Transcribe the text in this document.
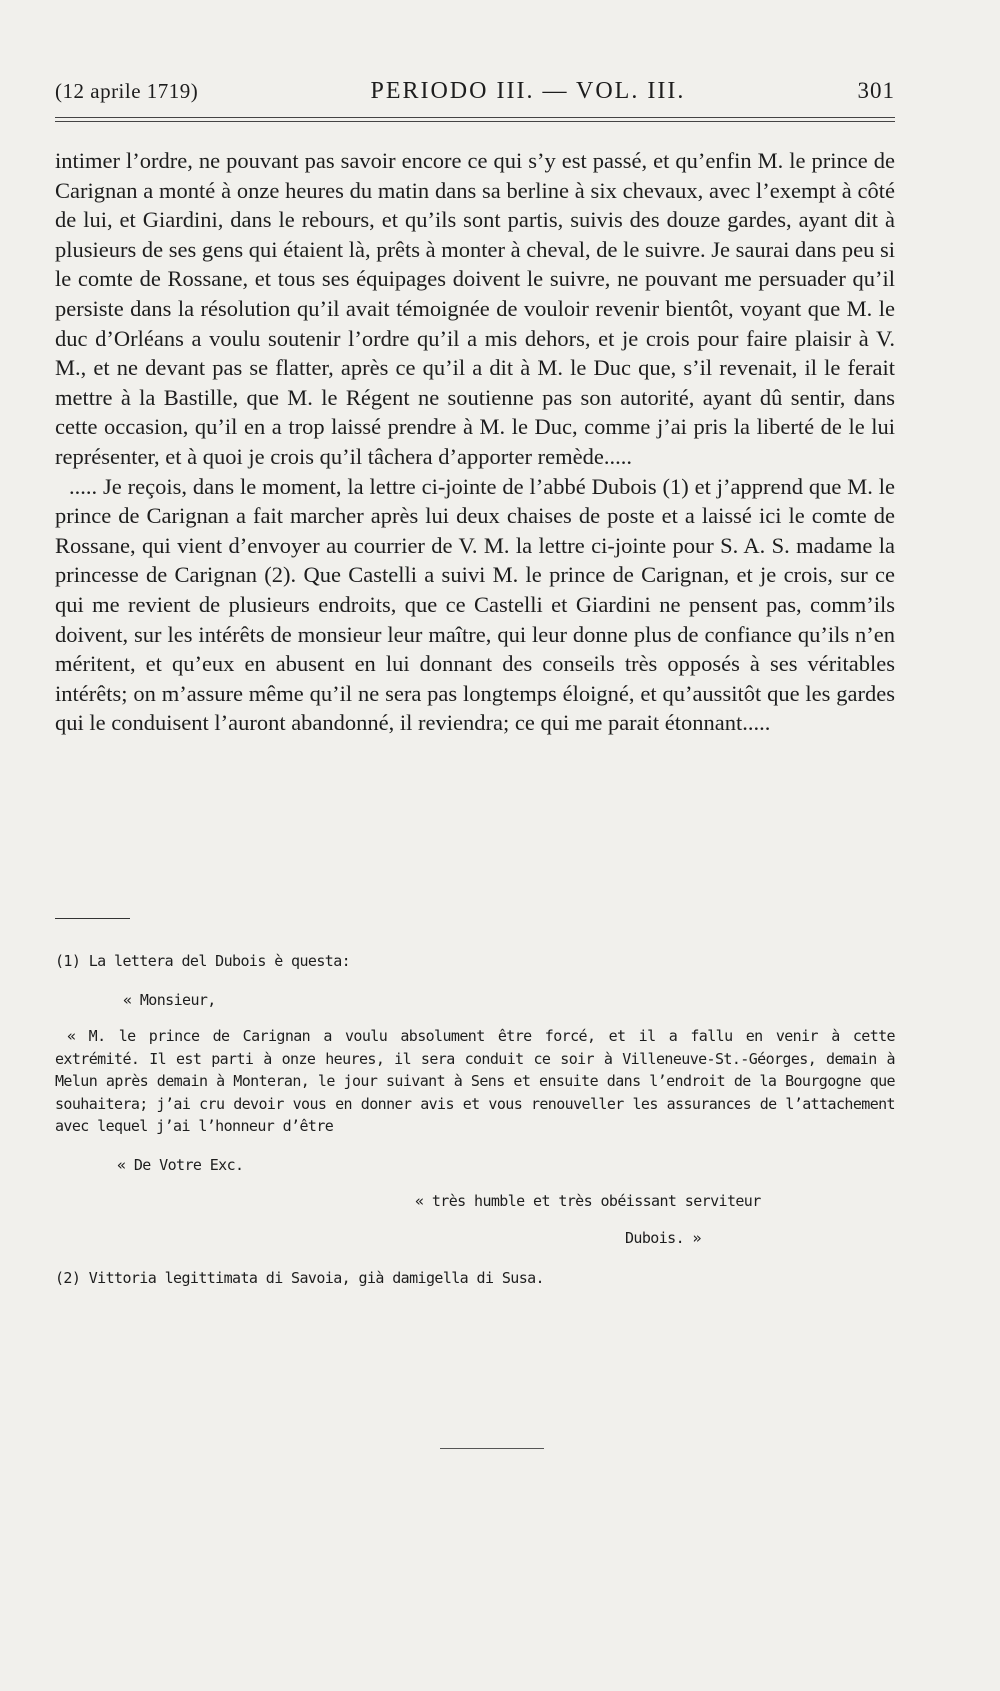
(12 aprile 1719)	PERIODO III. — VOL. III.	301

intimer l’ordre, ne pouvant pas savoir encore ce qui s’y est passé, et qu’enfin M. le prince de Carignan a monté à onze heures du matin dans sa berline à six chevaux, avec l’exempt à côté de lui, et Giardini, dans le rebours, et qu’ils sont partis, suivis des douze gardes, ayant dit à plusieurs de ses gens qui étaient là, prêts à monter à cheval, de le suivre. Je saurai dans peu si le comte de Rossane, et tous ses équipages doivent le suivre, ne pouvant me persuader qu’il persiste dans la résolution qu’il avait témoignée de vouloir revenir bientôt, voyant que M. le duc d’Orléans a voulu soutenir l’ordre qu’il a mis dehors, et je crois pour faire plaisir à V. M., et ne devant pas se flatter, après ce qu’il a dit à M. le Duc que, s’il revenait, il le ferait mettre à la Bastille, que M. le Régent ne soutienne pas son autorité, ayant dû sentir, dans cette occasion, qu’il en a trop laissé prendre à M. le Duc, comme j’ai pris la liberté de le lui représenter, et à quoi je crois qu’il tâchera d’apporter remède.....

..... Je reçois, dans le moment, la lettre ci-jointe de l’abbé Dubois (1) et j’apprend que M. le prince de Carignan a fait marcher après lui deux chaises de poste et a laissé ici le comte de Rossane, qui vient d’envoyer au courrier de V. M. la lettre ci-jointe pour S. A. S. madame la princesse de Carignan (2). Que Castelli a suivi M. le prince de Carignan, et je crois, sur ce qui me revient de plusieurs endroits, que ce Castelli et Giardini ne pensent pas, comm’ils doivent, sur les intérêts de monsieur leur maître, qui leur donne plus de confiance qu’ils n’en méritent, et qu’eux en abusent en lui donnant des conseils très opposés à ses véritables intérêts; on m’assure même qu’il ne sera pas longtemps éloigné, et qu’aussitôt que les gardes qui le conduisent l’auront abandonné, il reviendra; ce qui me parait étonnant.....

(1) La lettera del Dubois è questa:

« Monsieur,

« M. le prince de Carignan a voulu absolument être forcé, et il a fallu en venir à cette extrémité. Il est parti à onze heures, il sera conduit ce soir à Villeneuve-St.-Géorges, demain à Melun après demain à Monteran, le jour suivant à Sens et ensuite dans l’endroit de la Bourgogne que souhaitera; j’ai cru devoir vous en donner avis et vous renouveller les assurances de l’attachement avec lequel j’ai l’honneur d’être

« De Votre Exc.

« très humble et très obéissant serviteur

Dubois. »

(2) Vittoria legittimata di Savoia, già damigella di Susa.
